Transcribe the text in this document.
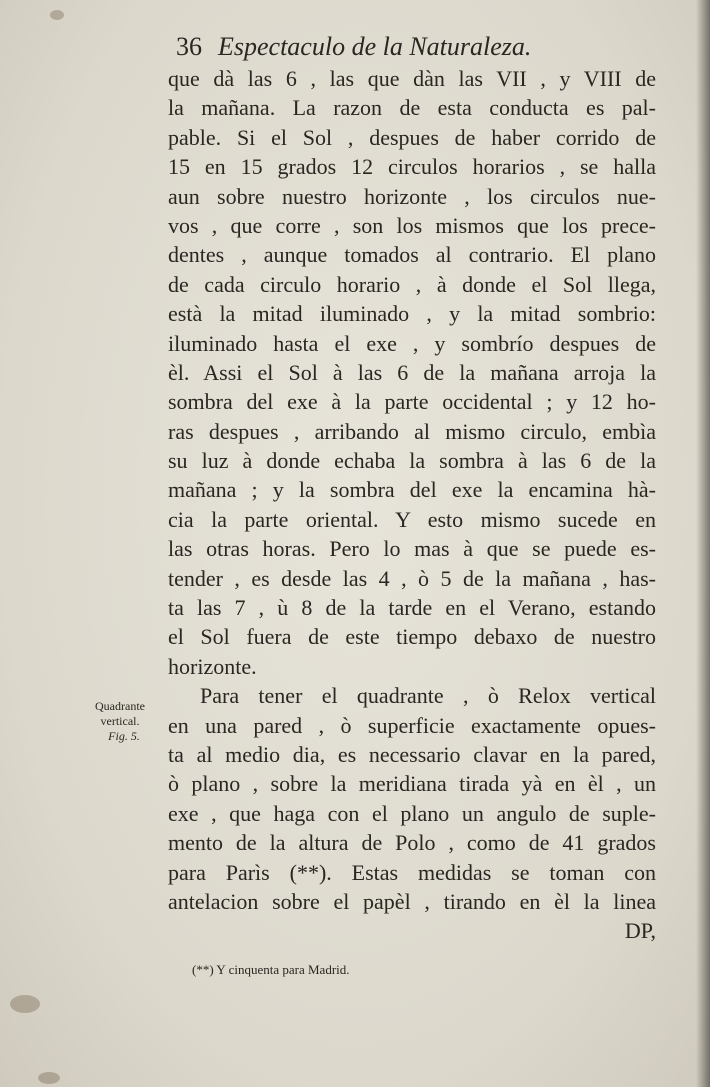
36 Espectaculo de la Naturaleza.
que dà las 6 , las que dàn las VII , y VIII de
la mañana. La razon de esta conducta es pal-
pable. Si el Sol , despues de haber corrido de
15 en 15 grados 12 circulos horarios , se halla
aun sobre nuestro horizonte , los circulos nue-
vos , que corre , son los mismos que los prece-
dentes , aunque tomados al contrario. El plano
de cada circulo horario , à donde el Sol llega,
està la mitad iluminado , y la mitad sombrio:
iluminado hasta el exe , y sombrío despues de
èl. Assi el Sol à las 6 de la mañana arroja la
sombra del exe à la parte occidental ; y 12 ho-
ras despues , arribando al mismo circulo, embìa
su luz à donde echaba la sombra à las 6 de la
mañana ; y la sombra del exe la encamina hà-
cia la parte oriental. Y esto mismo sucede en
las otras horas. Pero lo mas à que se puede es-
tender , es desde las 4 , ò 5 de la mañana , has-
ta las 7 , ù 8 de la tarde en el Verano, estando
el Sol fuera de este tiempo debaxo de nuestro
horizonte.
Para tener el quadrante , ò Relox vertical
en una pared , ò superficie exactamente opues-
ta al medio dia, es necessario clavar en la pared,
ò plano , sobre la meridiana tirada yà en èl , un
exe , que haga con el plano un angulo de suple-
mento de la altura de Polo , como de 41 grados
para Parìs (**). Estas medidas se toman con
antelacion sobre el papèl , tirando en èl la linea
DP,
Quadrante
vertical.
Fig. 5.
(**) Y cinquenta para Madrid.
